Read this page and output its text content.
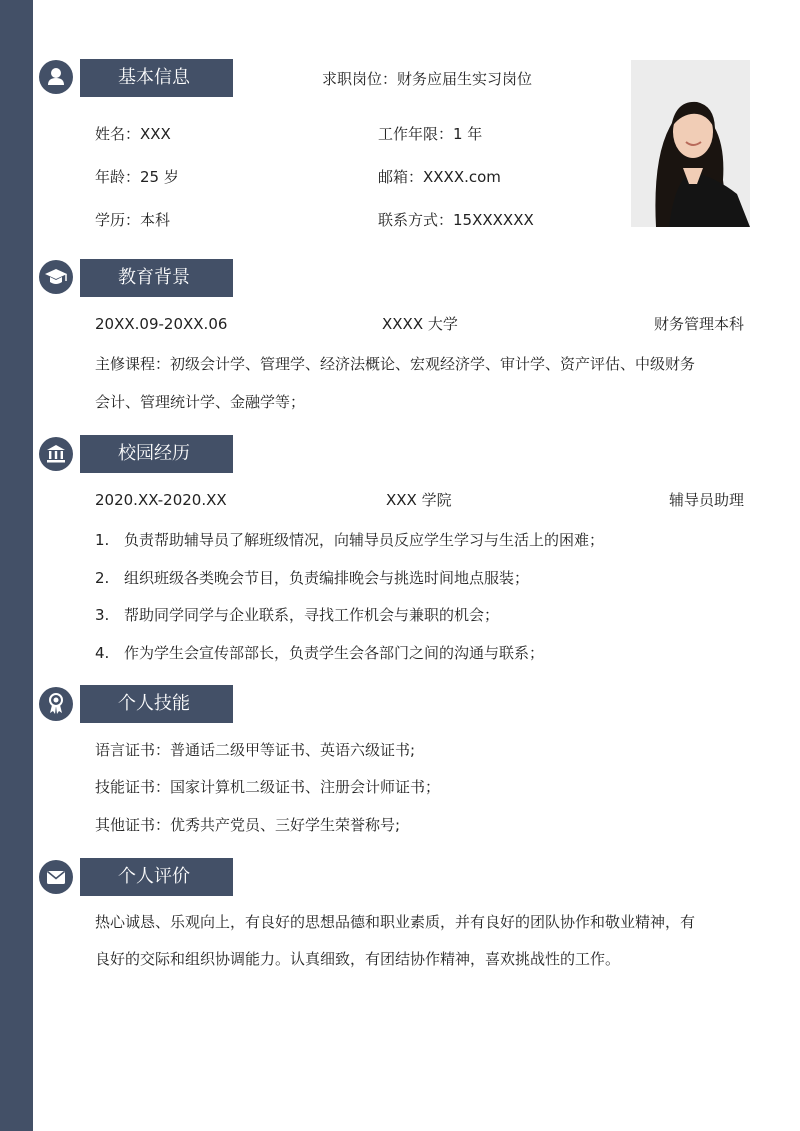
基本信息	求职岗位：财务应届生实习岗位
姓名：XXX	工作年限：1 年
年龄：25 岁	邮箱：XXXX.com
学历：本科	联系方式：15XXXXXX
教育背景
20XX.09-20XX.06	XXXX 大学	财务管理本科
主修课程：初级会计学、管理学、经济法概论、宏观经济学、审计学、资产评估、中级财务
会计、管理统计学、金融学等；
校园经历
2020.XX-2020.XX	XXX 学院	辅导员助理
1. 负责帮助辅导员了解班级情况，向辅导员反应学生学习与生活上的困难；
2. 组织班级各类晚会节目，负责编排晚会与挑选时间地点服装；
3. 帮助同学同学与企业联系，寻找工作机会与兼职的机会；
4. 作为学生会宣传部部长，负责学生会各部门之间的沟通与联系；
个人技能
语言证书：普通话二级甲等证书、英语六级证书;
技能证书：国家计算机二级证书、注册会计师证书；
其他证书：优秀共产党员、三好学生荣誉称号;
个人评价
热心诚恳、乐观向上，有良好的思想品德和职业素质，并有良好的团队协作和敬业精神，有
良好的交际和组织协调能力。认真细致，有团结协作精神，喜欢挑战性的工作。
